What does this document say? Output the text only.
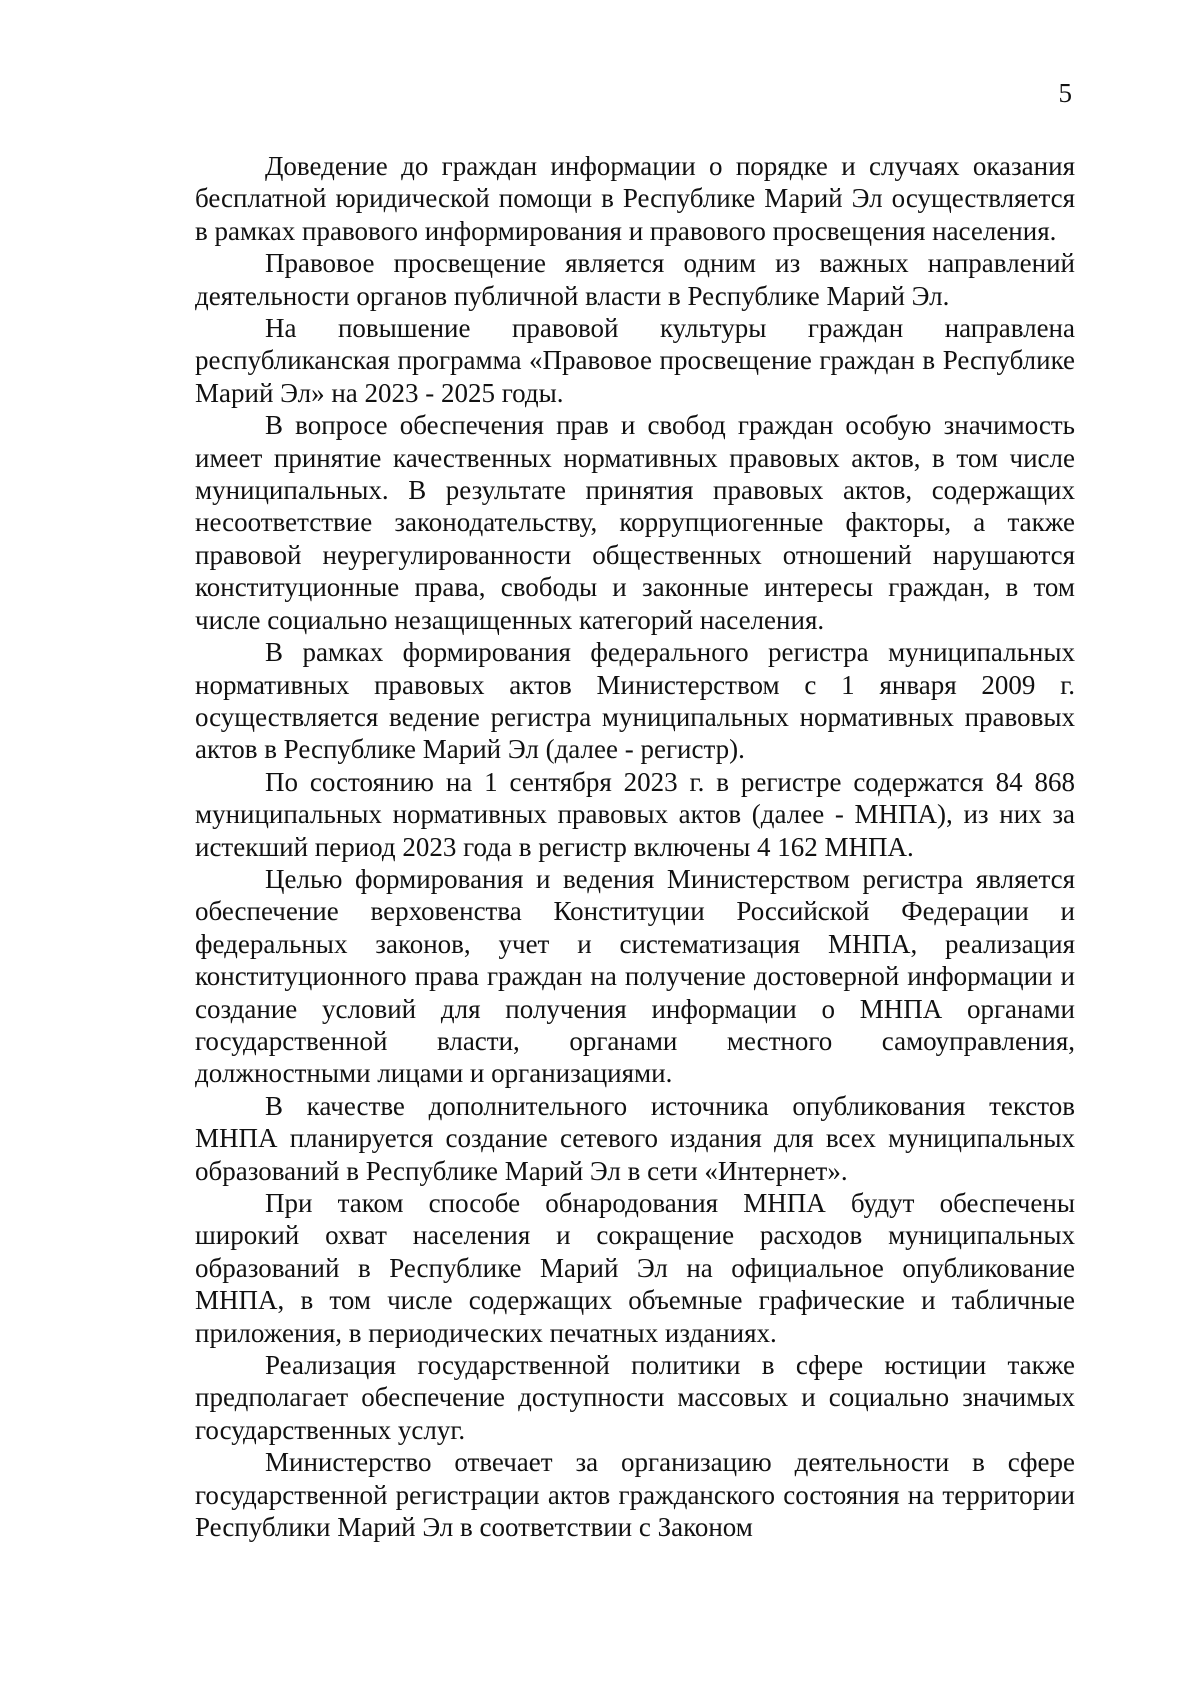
5

Доведение до граждан информации о порядке и случаях оказания бесплатной юридической помощи в Республике Марий Эл осуществляется в рамках правового информирования и правового просвещения населения.

Правовое просвещение является одним из важных направлений деятельности органов публичной власти в Республике Марий Эл.

На повышение правовой культуры граждан направлена республиканская программа «Правовое просвещение граждан в Республике Марий Эл» на 2023 - 2025 годы.

В вопросе обеспечения прав и свобод граждан особую значимость имеет принятие качественных нормативных правовых актов, в том числе муниципальных. В результате принятия правовых актов, содержащих несоответствие законодательству, коррупциогенные факторы, а также правовой неурегулированности общественных отношений нарушаются конституционные права, свободы и законные интересы граждан, в том числе социально незащищенных категорий населения.

В рамках формирования федерального регистра муниципальных нормативных правовых актов Министерством с 1 января 2009 г. осуществляется ведение регистра муниципальных нормативных правовых актов в Республике Марий Эл (далее - регистр).

По состоянию на 1 сентября 2023 г. в регистре содержатся 84 868 муниципальных нормативных правовых актов (далее - МНПА), из них за истекший период 2023 года в регистр включены 4 162 МНПА.

Целью формирования и ведения Министерством регистра является обеспечение верховенства Конституции Российской Федерации и федеральных законов, учет и систематизация МНПА, реализация конституционного права граждан на получение достоверной информации и создание условий для получения информации о МНПА органами государственной власти, органами местного самоуправления, должностными лицами и организациями.

В качестве дополнительного источника опубликования текстов МНПА планируется создание сетевого издания для всех муниципальных образований в Республике Марий Эл в сети «Интернет».

При таком способе обнародования МНПА будут обеспечены широкий охват населения и сокращение расходов муниципальных образований в Республике Марий Эл на официальное опубликование МНПА, в том числе содержащих объемные графические и табличные приложения, в периодических печатных изданиях.

Реализация государственной политики в сфере юстиции также предполагает обеспечение доступности массовых и социально значимых государственных услуг.

Министерство отвечает за организацию деятельности в сфере государственной регистрации актов гражданского состояния на территории Республики Марий Эл в соответствии с Законом
